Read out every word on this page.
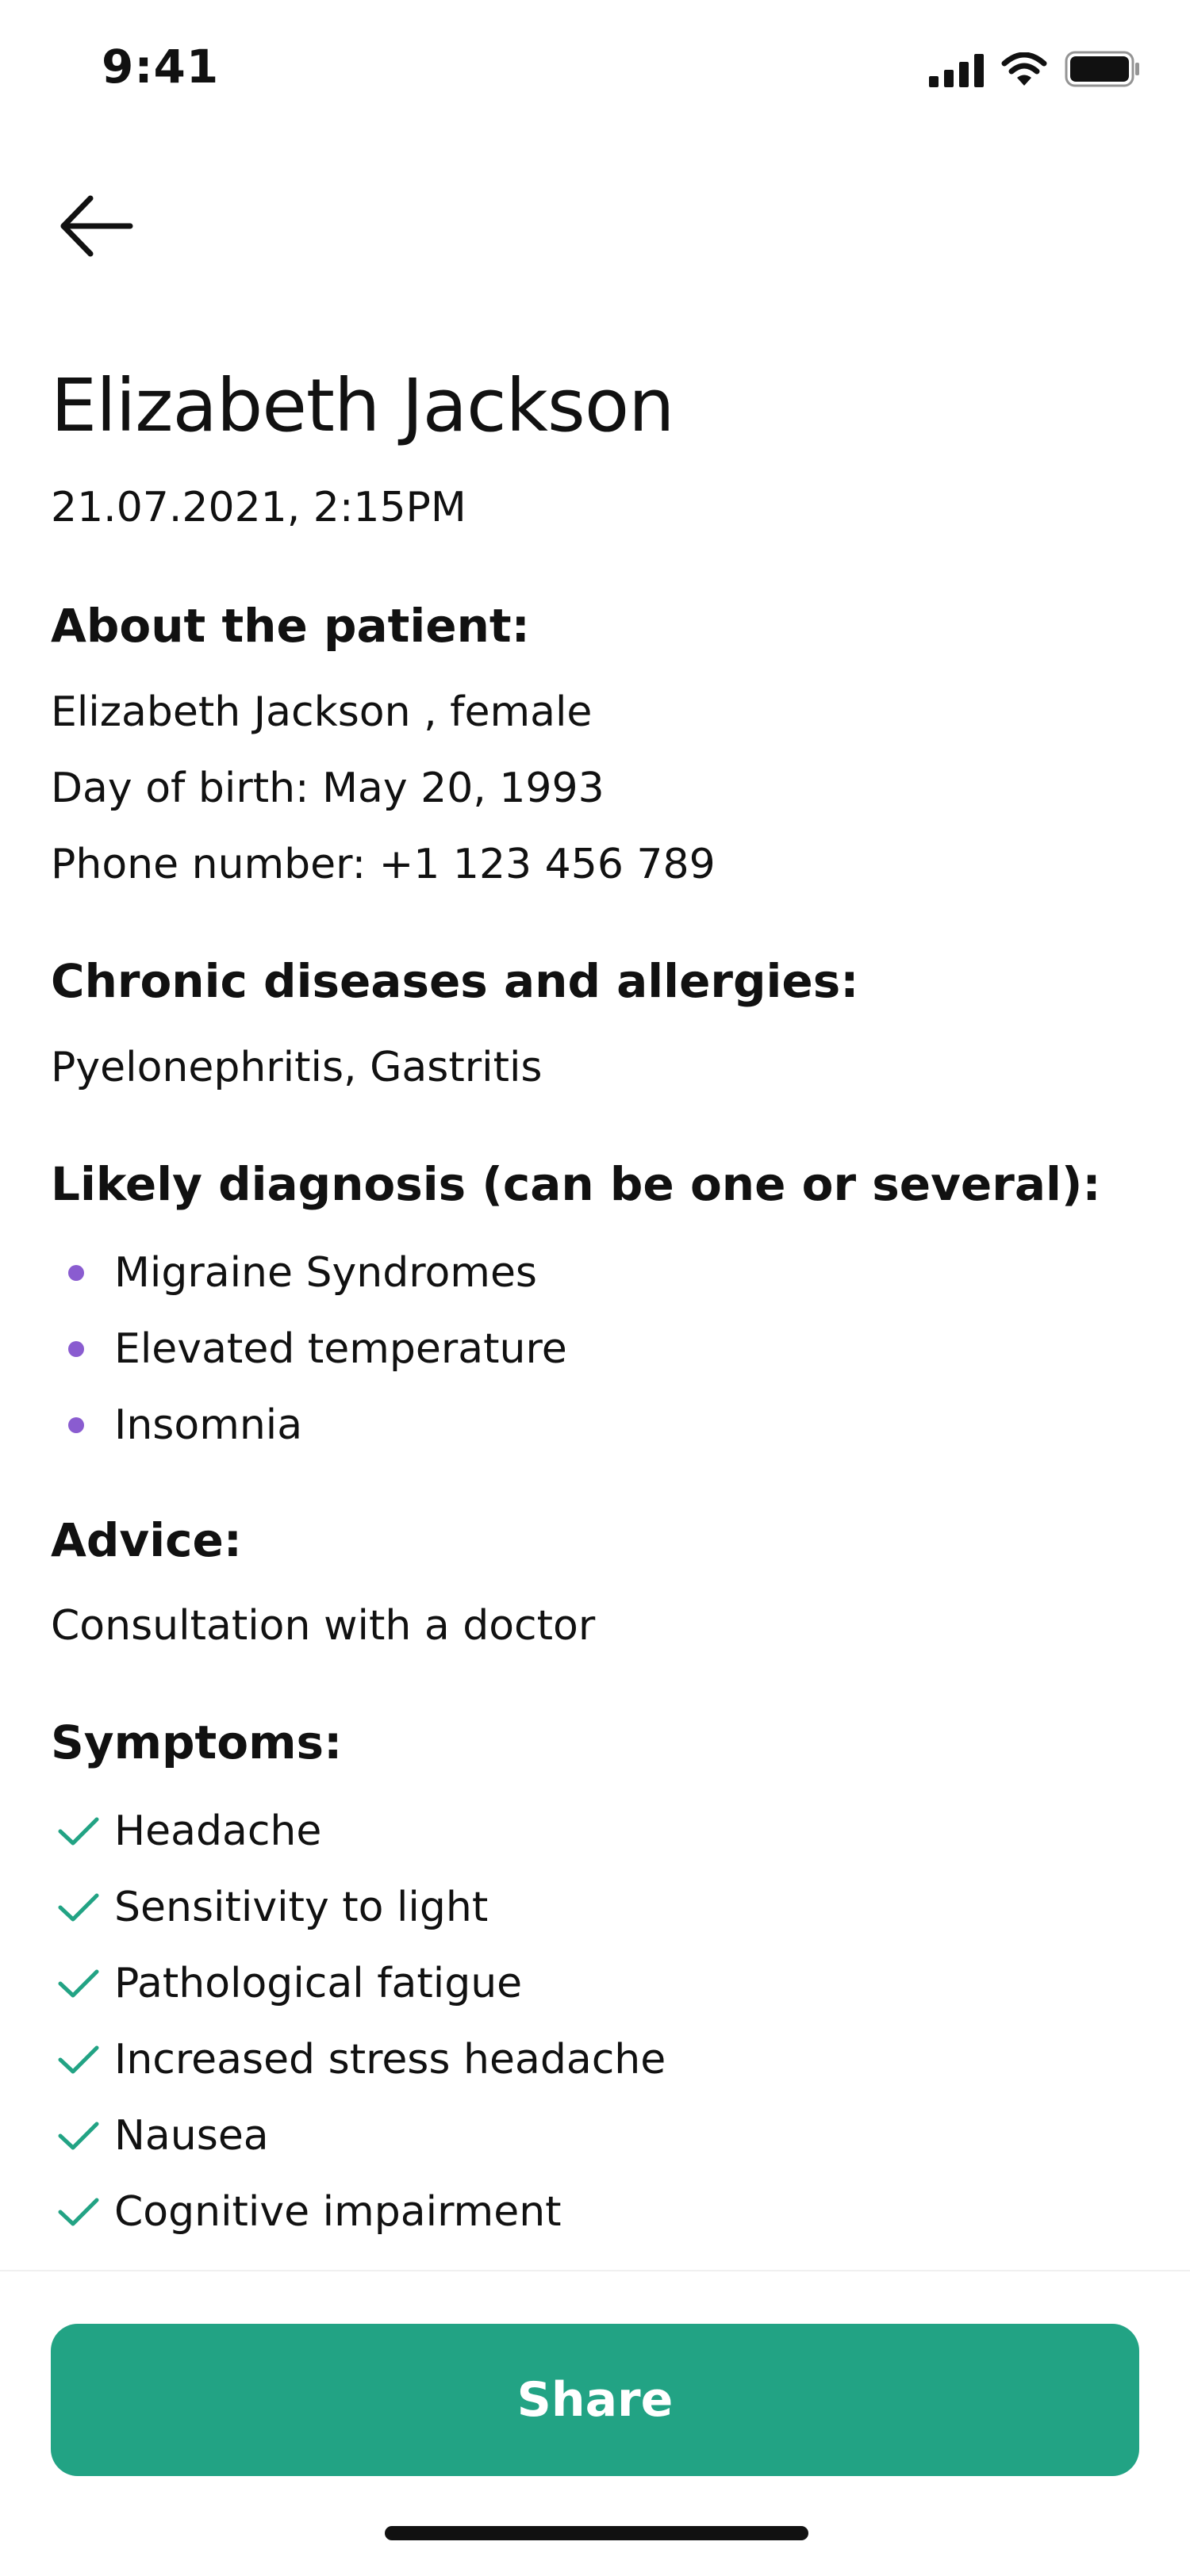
9:41
Elizabeth Jackson
21.07.2021, 2:15PM
About the patient:
Elizabeth Jackson , female
Day of birth: May 20, 1993
Phone number: +1 123 456 789
Chronic diseases and allergies:
Pyelonephritis, Gastritis
Likely diagnosis (can be one or several):
Migraine Syndromes
Elevated temperature
Insomnia
Advice:
Consultation with a doctor
Symptoms:
Headache
Sensitivity to light
Pathological fatigue
Increased stress headache
Nausea
Cognitive impairment
Share
